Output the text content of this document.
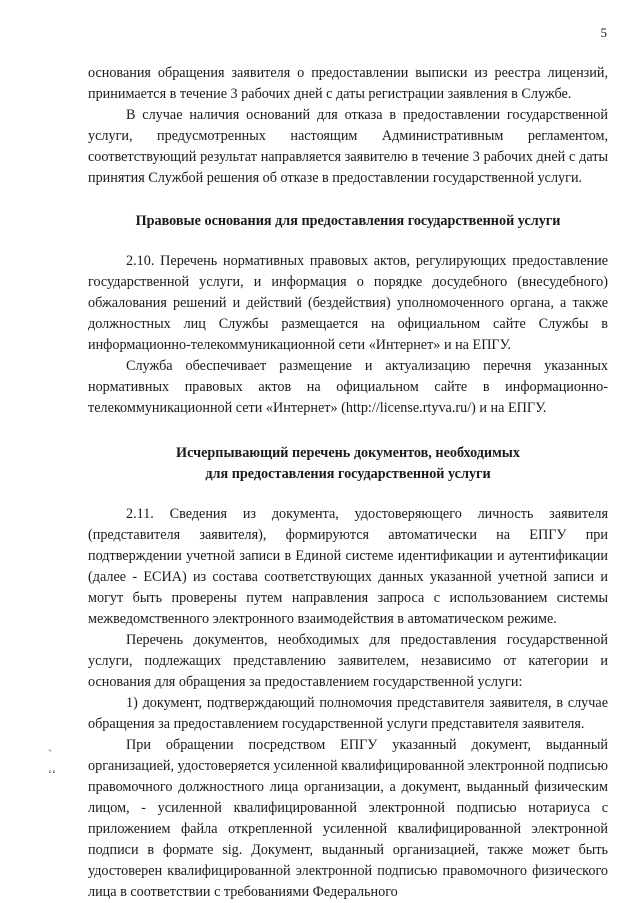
5
`
ʻʻ

основания обращения заявителя о предоставлении выписки из реестра лицензий, принимается в течение 3 рабочих дней с даты регистрации заявления в Службе.

В случае наличия оснований для отказа в предоставлении государственной услуги, предусмотренных настоящим Административным регламентом, соответствующий результат направляется заявителю в течение 3 рабочих дней с даты принятия Службой решения об отказе в предоставлении государственной услуги.

Правовые основания для предоставления государственной услуги

2.10. Перечень нормативных правовых актов, регулирующих предоставление государственной услуги, и информация о порядке досудебного (внесудебного) обжалования решений и действий (бездействия) уполномоченного органа, а также должностных лиц Службы размещается на официальном сайте Службы в информационно-телекоммуникационной сети «Интернет» и на ЕПГУ.

Служба обеспечивает размещение и актуализацию перечня указанных нормативных правовых актов на официальном сайте в информационно-телекоммуникационной сети «Интернет» (http://license.rtyva.ru/) и на ЕПГУ.

Исчерпывающий перечень документов, необходимых
для предоставления государственной услуги

2.11. Сведения из документа, удостоверяющего личность заявителя (представителя заявителя), формируются автоматически на ЕПГУ при подтверждении учетной записи в Единой системе идентификации и аутентификации (далее - ЕСИА) из состава соответствующих данных указанной учетной записи и могут быть проверены путем направления запроса с использованием системы межведомственного электронного взаимодействия в автоматическом режиме.

Перечень документов, необходимых для предоставления государственной услуги, подлежащих представлению заявителем, независимо от категории и основания для обращения за предоставлением государственной услуги:

1) документ, подтверждающий полномочия представителя заявителя, в случае обращения за предоставлением государственной услуги представителя заявителя.

При обращении посредством ЕПГУ указанный документ, выданный организацией, удостоверяется усиленной квалифицированной электронной подписью правомочного должностного лица организации, а документ, выданный физическим лицом, - усиленной квалифицированной электронной подписью нотариуса с приложением файла открепленной усиленной квалифицированной электронной подписи в формате sig. Документ, выданный организацией, также может быть удостоверен квалифицированной электронной подписью правомочного физического лица в соответствии с требованиями Федерального
